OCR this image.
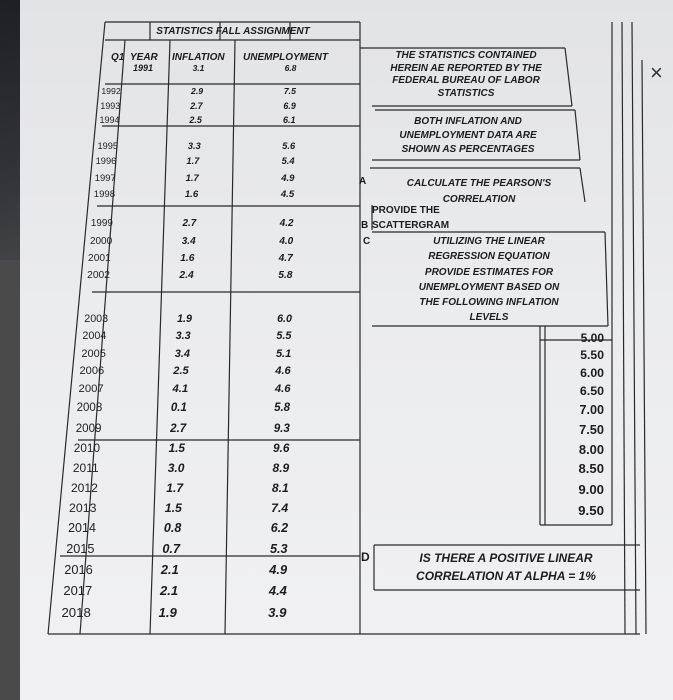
STATISTICS FALL ASSIGNMENT
Q1 YEAR INFLATION UNEMPLOYMENT
1991	3.1	6.8
1992	2.9	7.5
1993	2.7	6.9
1994	2.5	6.1
1995	3.3	5.6
1996	1.7	5.4
1997	1.7	4.9
1998	1.6	4.5
1999	2.7	4.2
2000	3.4	4.0
2001	1.6	4.7
2002	2.4	5.8
2003	1.9	6.0
2004	3.3	5.5
2005	3.4	5.1
2006	2.5	4.6
2007	4.1	4.6
2008	0.1	5.8
2009	2.7	9.3
2010	1.5	9.6
2011	3.0	8.9
2012	1.7	8.1
2013	1.5	7.4
2014	0.8	6.2
2015	0.7	5.3
2016	2.1	4.9
2017	2.1	4.4
2018	1.9	3.9
THE STATISTICS CONTAINED
HEREIN AE REPORTED BY THE
FEDERAL BUREAU OF LABOR
STATISTICS
BOTH INFLATION AND
UNEMPLOYMENT DATA ARE
SHOWN AS PERCENTAGES
A	CALCULATE THE PEARSON'S
CORRELATION
B
PROVIDE THE
SCATTERGRAM
C	UTILIZING THE LINEAR
REGRESSION EQUATION
PROVIDE ESTIMATES FOR
UNEMPLOYMENT BASED ON
THE FOLLOWING INFLATION
LEVELS
5.00
5.50
6.00
6.50
7.00
7.50
8.00
8.50
9.00
9.50
D	IS THERE A POSITIVE LINEAR
CORRELATION AT ALPHA = 1%
×
